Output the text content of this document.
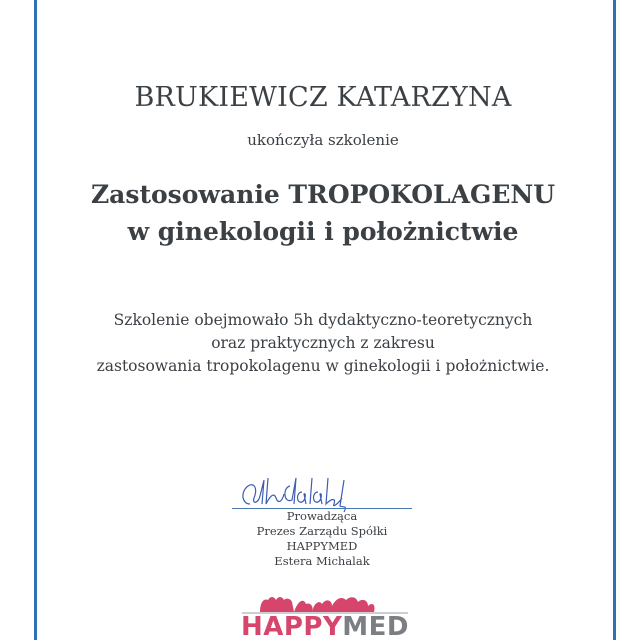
BRUKIEWICZ KATARZYNA
ukończyła szkolenie
Zastosowanie TROPOKOLAGENU
w ginekologii i położnictwie
Szkolenie obejmowało 5h dydaktyczno-teoretycznych
oraz praktycznych z zakresu
zastosowania tropokolagenu w ginekologii i położnictwie.
Prowadząca
Prezes Zarządu Spółki
HAPPYMED
Estera Michalak
HAPPYMED
